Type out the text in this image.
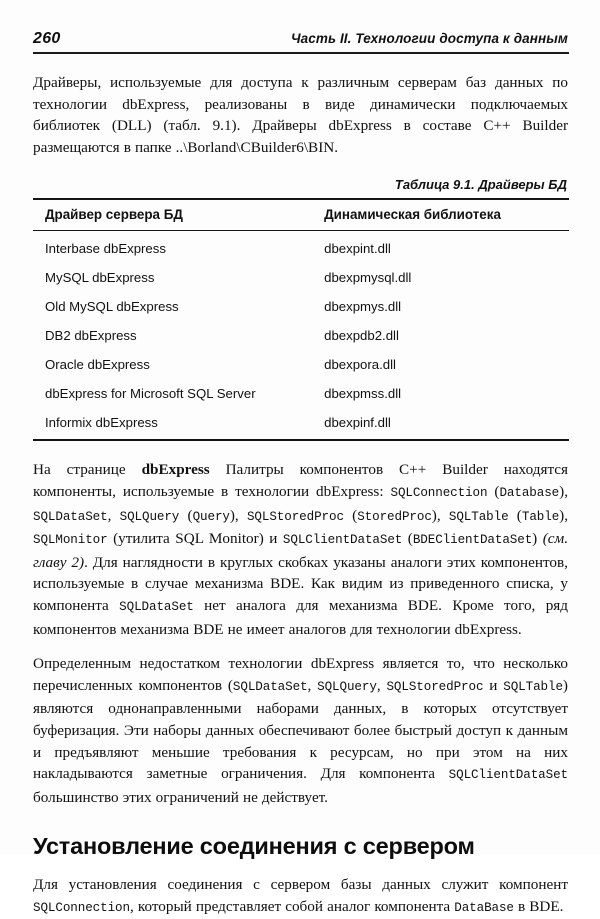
260	Часть II. Технологии доступа к данным

Драйверы, используемые для доступа к различным серверам баз данных по технологии dbExpress, реализованы в виде динамически подключаемых библиотек (DLL) (табл. 9.1). Драйверы dbExpress в составе С++ Builder размещаются в папке ..\Borland\CBuilder6\BIN.

Таблица 9.1. Драйверы БД
Драйвер сервера БД	Динамическая библиотека
Interbase dbExpress	dbexpint.dll
MySQL dbExpress	dbexpmysql.dll
Old MySQL dbExpress	dbexpmys.dll
DB2 dbExpress	dbexpdb2.dll
Oracle dbExpress	dbexpora.dll
dbExpress for Microsoft SQL Server	dbexpmss.dll
Informix dbExpress	dbexpinf.dll

На странице dbExpress Палитры компонентов С++ Builder находятся компоненты, используемые в технологии dbExpress: SQLConnection (Database), SQLDataSet, SQLQuery (Query), SQLStoredProc (StoredProc), SQLTable (Table), SQLMonitor (утилита SQL Monitor) и SQLClientDataSet (BDEClientDataSet) (см. главу 2). Для наглядности в круглых скобках указаны аналоги этих компонентов, используемые в случае механизма BDE. Как видим из приведенного списка, у компонента SQLDataSet нет аналога для механизма BDE. Кроме того, ряд компонентов механизма BDE не имеет аналогов для технологии dbExpress.

Определенным недостатком технологии dbExpress является то, что несколько перечисленных компонентов (SQLDataSet, SQLQuery, SQLStoredProc и SQLTable) являются однонаправленными наборами данных, в которых отсутствует буферизация. Эти наборы данных обеспечивают более быстрый доступ к данным и предъявляют меньшие требования к ресурсам, но при этом на них накладываются заметные ограничения. Для компонента SQLClientDataSet большинство этих ограничений не действует.

Установление соединения с сервером

Для установления соединения с сервером базы данных служит компонент SQLConnection, который представляет собой аналог компонента DataBase в BDE.
